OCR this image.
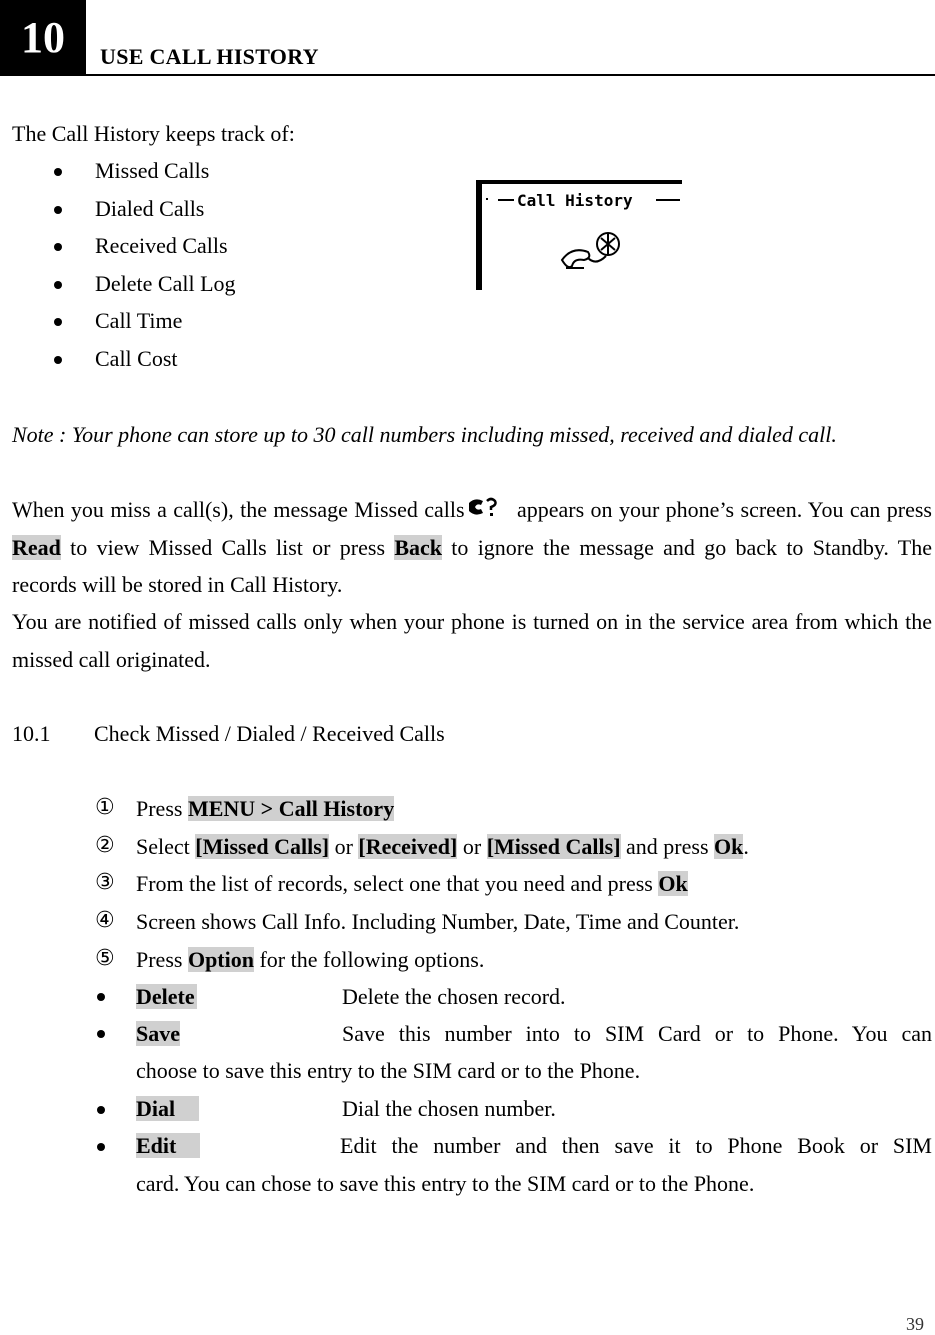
10	USE CALL HISTORY
The Call History keeps track of:
Missed Calls
Dialed Calls
Received Calls
Delete Call Log
Call Time
Call Cost
Call History
Note : Your phone can store up to 30 call numbers including missed, received and dialed call.
When you miss a call(s), the message Missed calls appears on your phone’s screen. You can press Read to view Missed Calls list or press Back to ignore the message and go back to Standby. The records will be stored in Call History.
You are notified of missed calls only when your phone is turned on in the service area from which the missed call originated.
10.1 Check Missed / Dialed / Received Calls
① Press MENU > Call History
② Select [Missed Calls] or [Received] or [Missed Calls] and press Ok.
③ From the list of records, select one that you need and press Ok
④ Screen shows Call Info. Including Number, Date, Time and Counter.
⑤ Press Option for the following options.
Delete	Delete the chosen record.
Save	Save this number into to SIM Card or to Phone. You can
choose to save this entry to the SIM card or to the Phone.
Dial	Dial the chosen number.
Edit	Edit the number and then save it to Phone Book or SIM
card. You can chose to save this entry to the SIM card or to the Phone.
39
